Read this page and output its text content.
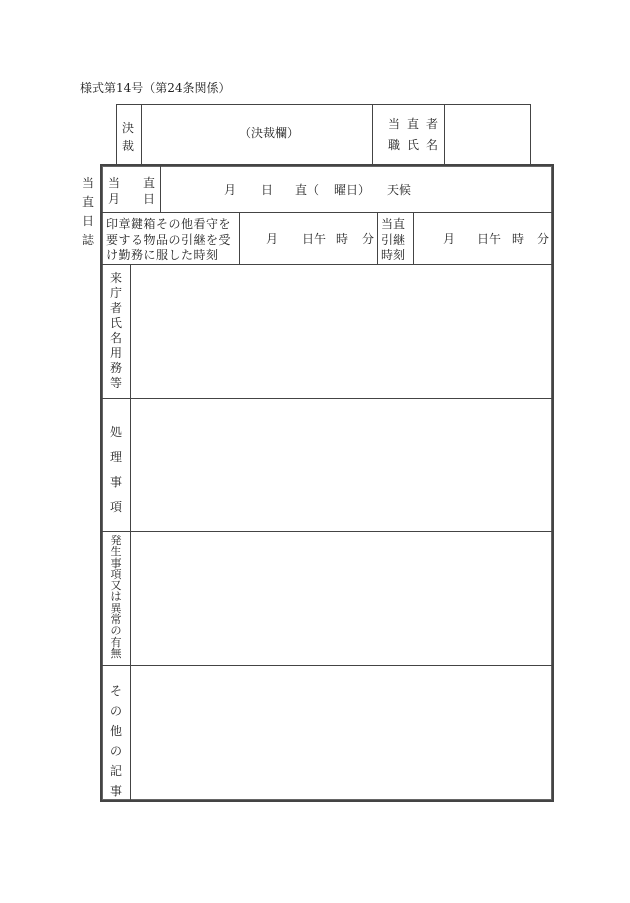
様式第14号（第24条関係）
決
裁
（決裁欄）
当 直 者
職 氏 名
当
直
日
誌
当 直
月 日
月 日 直（ 曜日） 天候
印章鍵箱その他看守を
要する物品の引継を受
け勤務に服した時刻
月 日午 時 分
当直
引継
時刻
月 日午 時 分
来
庁
者
氏
名
用
務
等
処
理
事
項
発
生
事
項
又
は
異
常
の
有
無
そ
の
他
の
記
事
